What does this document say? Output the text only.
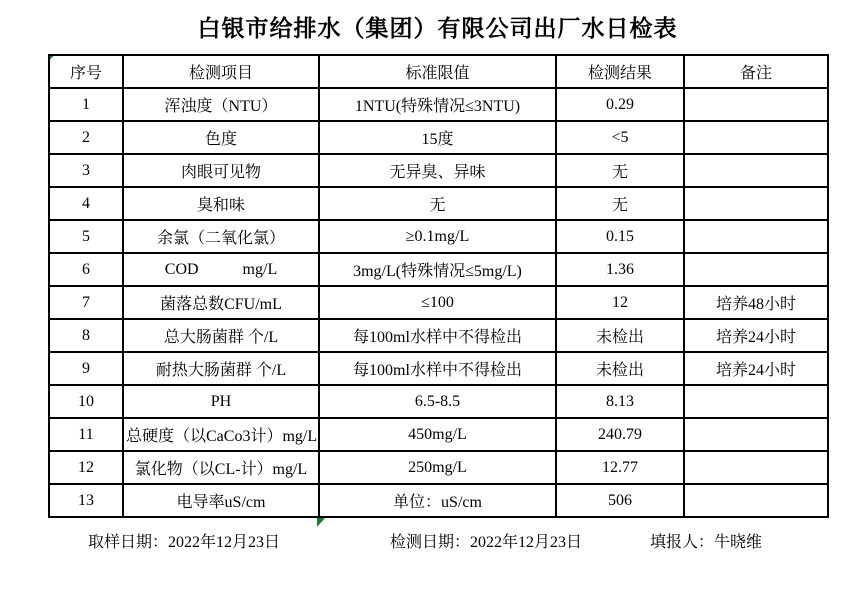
白银市给排水（集团）有限公司出厂水日检表
序号	检测项目	标准限值	检测结果	备注
1	浑浊度（NTU）	1NTU(特殊情况≤3NTU)	0.29	
2	色度	15度	<5	
3	肉眼可见物	无异臭、异味	无	
4	臭和味	无	无	
5	余氯（二氧化氯）	≥0.1mg/L	0.15	
6	COD           mg/L	3mg/L(特殊情况≤5mg/L)	1.36	
7	菌落总数CFU/mL	≤100	12	培养48小时
8	总大肠菌群 个/L	每100ml水样中不得检出	未检出	培养24小时
9	耐热大肠菌群 个/L	每100ml水样中不得检出	未检出	培养24小时
10	PH	6.5-8.5	8.13	
11	总硬度（以CaCo3计）mg/L	450mg/L	240.79	
12	氯化物（以CL-计）mg/L	250mg/L	12.77	
13	电导率uS/cm	单位：uS/cm	506	
取样日期：2022年12月23日	检测日期：2022年12月23日	填报人：牛晓维
